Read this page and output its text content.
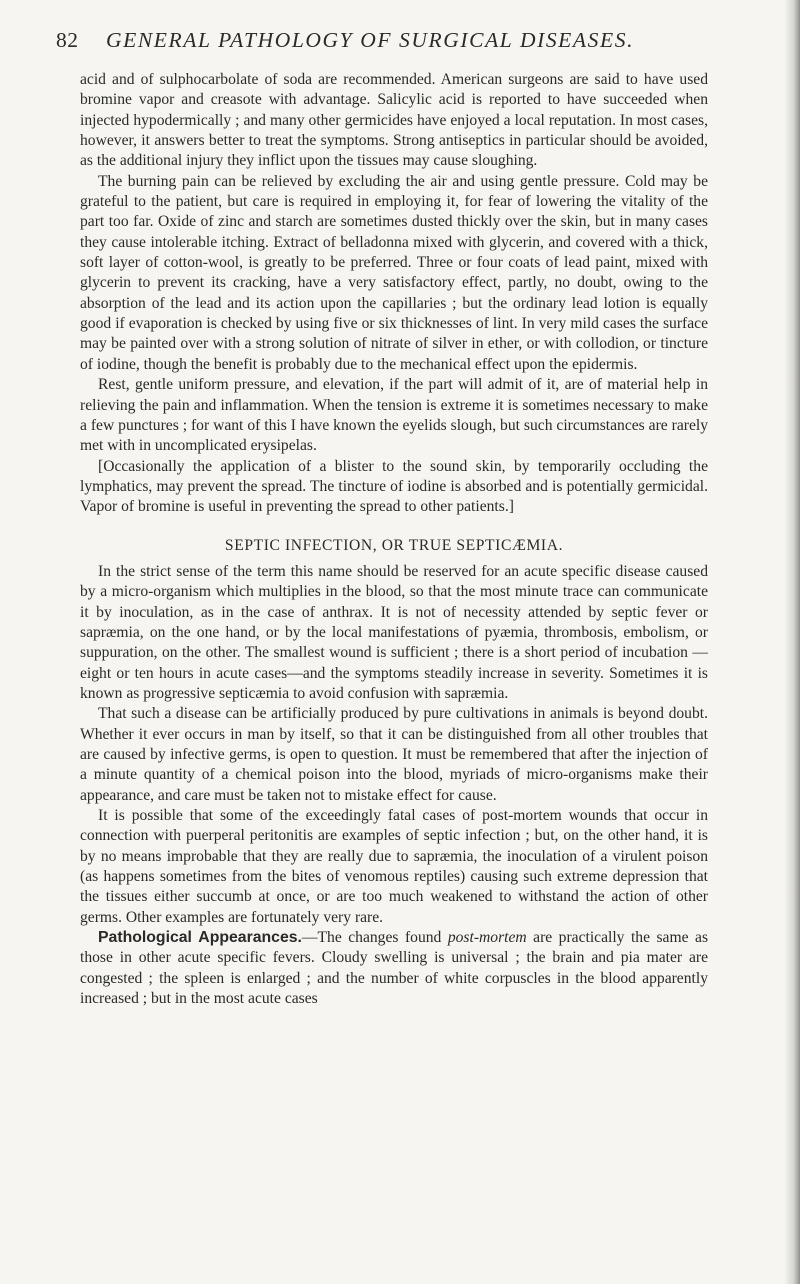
82 GENERAL PATHOLOGY OF SURGICAL DISEASES.

acid and of sulphocarbolate of soda are recommended. American surgeons are said to have used bromine vapor and creasote with advantage. Salicylic acid is reported to have succeeded when injected hypodermically ; and many other germicides have enjoyed a local reputation. In most cases, however, it answers better to treat the symptoms. Strong antiseptics in particular should be avoided, as the additional injury they inflict upon the tissues may cause sloughing.

The burning pain can be relieved by excluding the air and using gentle pressure. Cold may be grateful to the patient, but care is required in employing it, for fear of lowering the vitality of the part too far. Oxide of zinc and starch are sometimes dusted thickly over the skin, but in many cases they cause intolerable itching. Extract of belladonna mixed with glycerin, and covered with a thick, soft layer of cotton-wool, is greatly to be preferred. Three or four coats of lead paint, mixed with glycerin to prevent its cracking, have a very satisfactory effect, partly, no doubt, owing to the absorption of the lead and its action upon the capillaries ; but the ordinary lead lotion is equally good if evaporation is checked by using five or six thicknesses of lint. In very mild cases the surface may be painted over with a strong solution of nitrate of silver in ether, or with collodion, or tincture of iodine, though the benefit is probably due to the mechanical effect upon the epidermis.

Rest, gentle uniform pressure, and elevation, if the part will admit of it, are of material help in relieving the pain and inflammation. When the tension is extreme it is sometimes necessary to make a few punctures ; for want of this I have known the eyelids slough, but such circumstances are rarely met with in uncomplicated erysipelas.

[Occasionally the application of a blister to the sound skin, by temporarily occluding the lymphatics, may prevent the spread. The tincture of iodine is absorbed and is potentially germicidal. Vapor of bromine is useful in preventing the spread to other patients.]

SEPTIC INFECTION, OR TRUE SEPTICÆMIA.

In the strict sense of the term this name should be reserved for an acute specific disease caused by a micro-organism which multiplies in the blood, so that the most minute trace can communicate it by inoculation, as in the case of anthrax. It is not of necessity attended by septic fever or sapræmia, on the one hand, or by the local manifestations of pyæmia, thrombosis, embolism, or suppuration, on the other. The smallest wound is sufficient ; there is a short period of incubation —eight or ten hours in acute cases—and the symptoms steadily increase in severity. Sometimes it is known as progressive septicæmia to avoid confusion with sapræmia.

That such a disease can be artificially produced by pure cultivations in animals is beyond doubt. Whether it ever occurs in man by itself, so that it can be distinguished from all other troubles that are caused by infective germs, is open to question. It must be remembered that after the injection of a minute quantity of a chemical poison into the blood, myriads of micro-organisms make their appearance, and care must be taken not to mistake effect for cause.

It is possible that some of the exceedingly fatal cases of post-mortem wounds that occur in connection with puerperal peritonitis are examples of septic infection ; but, on the other hand, it is by no means improbable that they are really due to sapræmia, the inoculation of a virulent poison (as happens sometimes from the bites of venomous reptiles) causing such extreme depression that the tissues either succumb at once, or are too much weakened to withstand the action of other germs. Other examples are fortunately very rare.

Pathological Appearances.—The changes found post-mortem are practically the same as those in other acute specific fevers. Cloudy swelling is universal ; the brain and pia mater are congested ; the spleen is enlarged ; and the number of white corpuscles in the blood apparently increased ; but in the most acute cases
